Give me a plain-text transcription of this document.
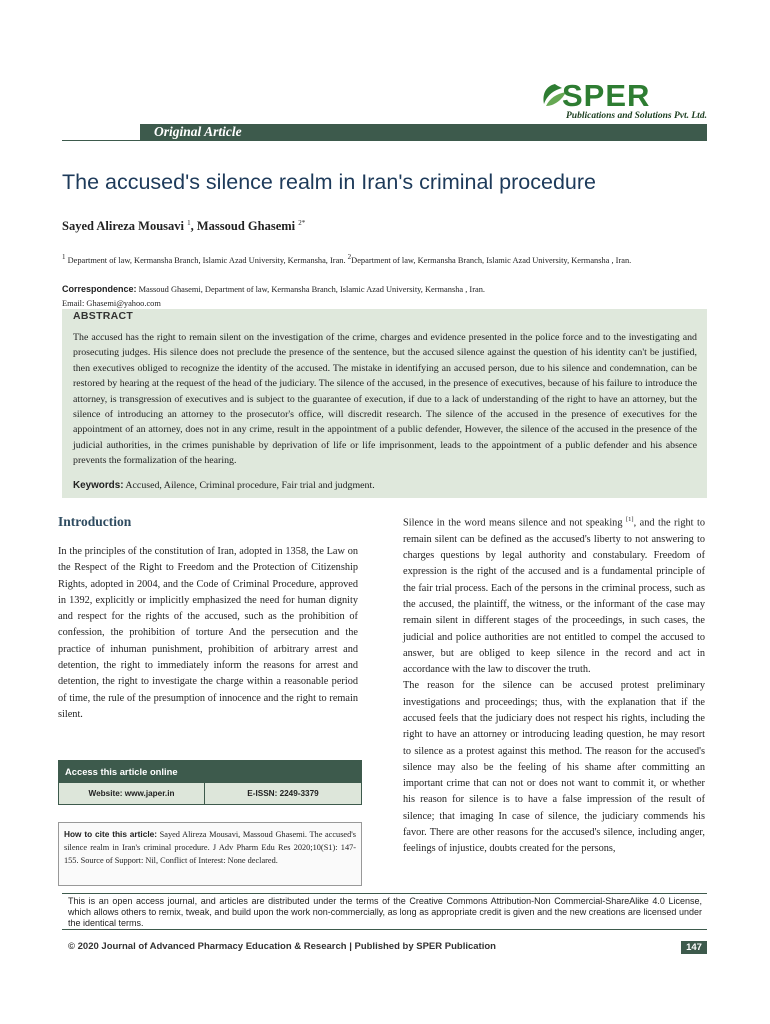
SPER
Publications and Solutions Pvt. Ltd.
Original Article
The accused's silence realm in Iran's criminal procedure
Sayed Alireza Mousavi $^1$, Massoud Ghasemi $^{2*}$
$^1$ Department of law, Kermansha Branch, Islamic Azad University, Kermansha, Iran. $^2$Department of law, Kermansha Branch, Islamic Azad University, Kermansha , Iran.
Correspondence: Massoud Ghasemi, Department of law, Kermansha Branch, Islamic Azad University, Kermansha , Iran.
Email: Ghasemi@yahoo.com
ABSTRACT
The accused has the right to remain silent on the investigation of the crime, charges and evidence presented in the police force and to the investigating and prosecuting judges. His silence does not preclude the presence of the sentence, but the accused silence against the question of his identity can't be justified, then executives obliged to recognize the identity of the accused. The mistake in identifying an accused person, due to his silence and condemnation, can be restored by hearing at the request of the head of the judiciary. The silence of the accused, in the presence of executives, because of his failure to introduce the attorney, is transgression of executives and is subject to the guarantee of execution, if due to a lack of understanding of the right to have an attorney, but the silence of introducing an attorney to the prosecutor's office, will discredit research. The silence of the accused in the presence of executives for the appointment of an attorney, does not in any crime, result in the appointment of a public defender, However, the silence of the accused in the presence of the judicial authorities, in the crimes punishable by deprivation of life or life imprisonment, leads to the appointment of a public defender and his absence prevents the formalization of the hearing.
Keywords: Accused, Ailence, Criminal procedure, Fair trial and judgment.
Introduction
In the principles of the constitution of Iran, adopted in 1358, the Law on the Respect of the Right to Freedom and the Protection of Citizenship Rights, adopted in 2004, and the Code of Criminal Procedure, approved in 1392, explicitly or implicitly emphasized the need for human dignity and respect for the rights of the accused, such as the prohibition of confession, the prohibition of torture And the persecution and the practice of inhuman punishment, prohibition of arbitrary arrest and detention, the right to immediately inform the reasons for arrest and detention, the right to investigate the charge within a reasonable period of time, the rule of the presumption of innocence and the right to remain silent.
Access this article online
Website: www.japer.in	E-ISSN: 2249-3379
How to cite this article: Sayed Alireza Mousavi, Massoud Ghasemi. The accused's silence realm in Iran's criminal procedure. J Adv Pharm Edu Res 2020;10(S1): 147-155. Source of Support: Nil, Conflict of Interest: None declared.

Silence in the word means silence and not speaking [1], and the right to remain silent can be defined as the accused's liberty to not answering to charges questions by legal authority and constabulary. Freedom of expression is the right of the accused and is a fundamental principle of the fair trial process. Each of the persons in the criminal process, such as the accused, the plaintiff, the witness, or the informant of the case may remain silent in different stages of the proceedings, in such cases, the judicial and police authorities are not entitled to compel the accused to answer, but are obliged to keep silence in the record and act in accordance with the law to discover the truth.

The reason for the silence can be accused protest preliminary investigations and proceedings; thus, with the explanation that if the accused feels that the judiciary does not respect his rights, including the right to have an attorney or introducing leading question, he may resort to silence as a protest against this method. The reason for the accused's silence may also be the feeling of his shame after committing an important crime that can not or does not want to commit it, or whether his reason for silence is to have a false impression of the result of silence; that imaging In case of silence, the judiciary commends his favor. There are other reasons for the accused's silence, including anger, feelings of injustice, doubts created for the persons,

This is an open access journal, and articles are distributed under the terms of the Creative Commons Attribution-Non Commercial-ShareAlike 4.0 License, which allows others to remix, tweak, and build upon the work non-commercially, as long as appropriate credit is given and the new creations are licensed under the identical terms.
© 2020 Journal of Advanced Pharmacy Education & Research | Published by SPER Publication	147
